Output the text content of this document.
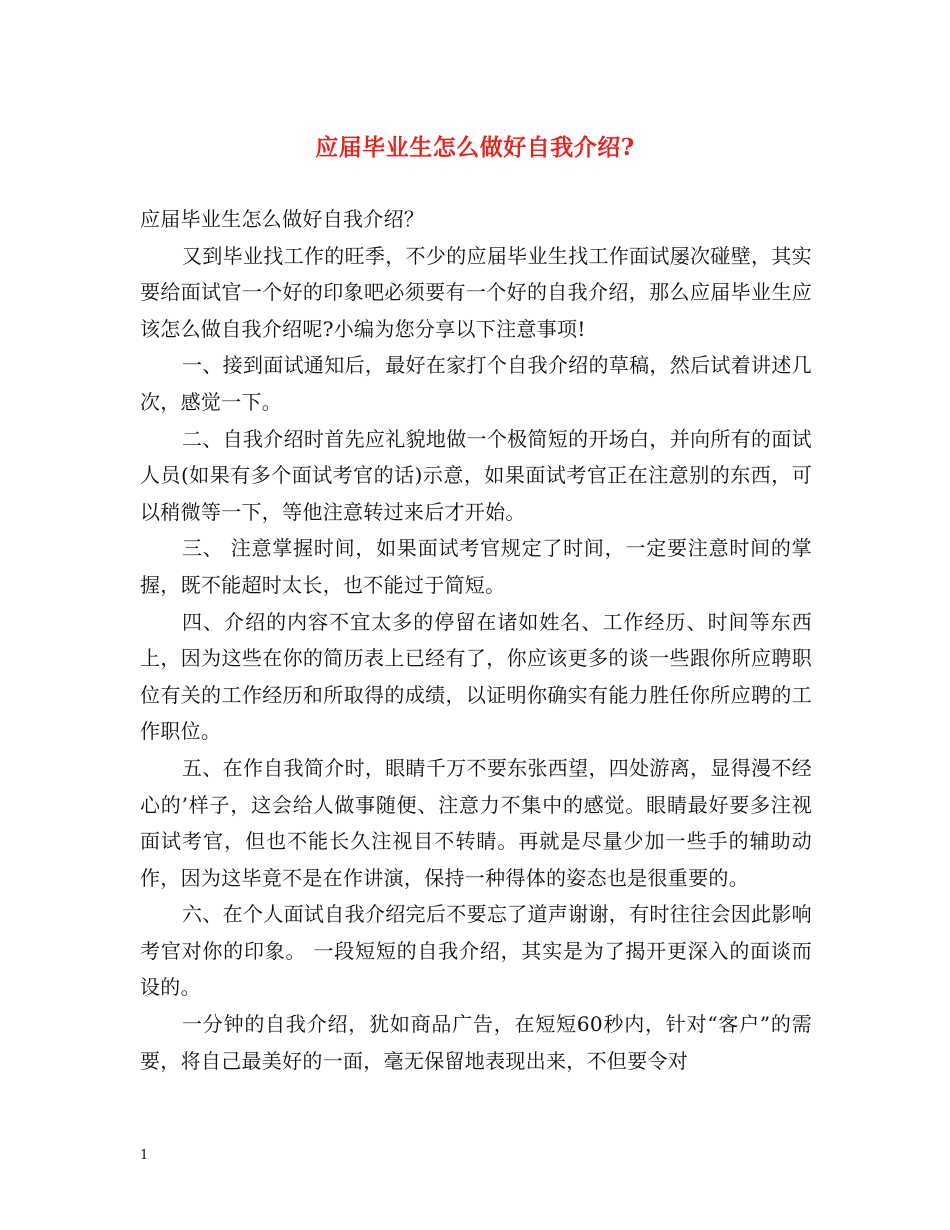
应届毕业生怎么做好自我介绍?

应届毕业生怎么做好自我介绍？

又到毕业找工作的旺季，不少的应届毕业生找工作面试屡次碰壁，其实要给面试官一个好的印象吧必须要有一个好的自我介绍，那么应届毕业生应该怎么做自我介绍呢?小编为您分享以下注意事项!

一、接到面试通知后，最好在家打个自我介绍的草稿，然后试着讲述几次，感觉一下。

二、自我介绍时首先应礼貌地做一个极简短的开场白，并向所有的面试人员(如果有多个面试考官的话)示意，如果面试考官正在注意别的东西，可以稍微等一下，等他注意转过来后才开始。

三、 注意掌握时间，如果面试考官规定了时间，一定要注意时间的掌握，既不能超时太长，也不能过于简短。

四、介绍的内容不宜太多的停留在诸如姓名、工作经历、时间等东西上，因为这些在你的简历表上已经有了，你应该更多的谈一些跟你所应聘职位有关的工作经历和所取得的成绩，以证明你确实有能力胜任你所应聘的工作职位。

五、在作自我简介时，眼睛千万不要东张西望，四处游离，显得漫不经心的’样子，这会给人做事随便、注意力不集中的感觉。眼睛最好要多注视面试考官，但也不能长久注视目不转睛。再就是尽量少加一些手的辅助动作，因为这毕竟不是在作讲演，保持一种得体的姿态也是很重要的。

六、在个人面试自我介绍完后不要忘了道声谢谢，有时往往会因此影响考官对你的印象。 一段短短的自我介绍，其实是为了揭开更深入的面谈而设的。

一分钟的自我介绍，犹如商品广告，在短短60秒内，针对“客户”的需要，将自己最美好的一面，毫无保留地表现出来，不但要令对

1
